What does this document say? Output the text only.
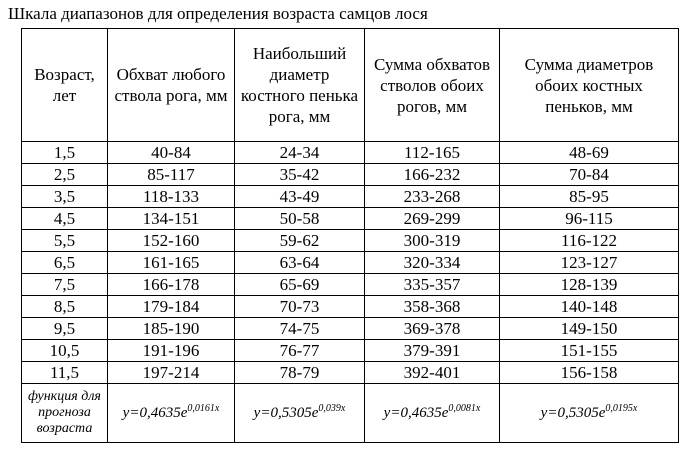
Шкала диапазонов для определения возраста самцов лося
Возраст, лет	Обхват любого ствола рога, мм	Наибольший диаметр костного пенька рога, мм	Сумма обхватов стволов обоих рогов, мм	Сумма диаметров обоих костных пеньков, мм
1,5	40-84	24-34	112-165	48-69
2,5	85-117	35-42	166-232	70-84
3,5	118-133	43-49	233-268	85-95
4,5	134-151	50-58	269-299	96-115
5,5	152-160	59-62	300-319	116-122
6,5	161-165	63-64	320-334	123-127
7,5	166-178	65-69	335-357	128-139
8,5	179-184	70-73	358-368	140-148
9,5	185-190	74-75	369-378	149-150
10,5	191-196	76-77	379-391	151-155
11,5	197-214	78-79	392-401	156-158
функция для прогноза возраста	$y=0,4635e^{0,0161x}$	$y=0,5305e^{0,039x}$	$y=0,4635e^{0,0081x}$	$y=0,5305e^{0,0195x}$
